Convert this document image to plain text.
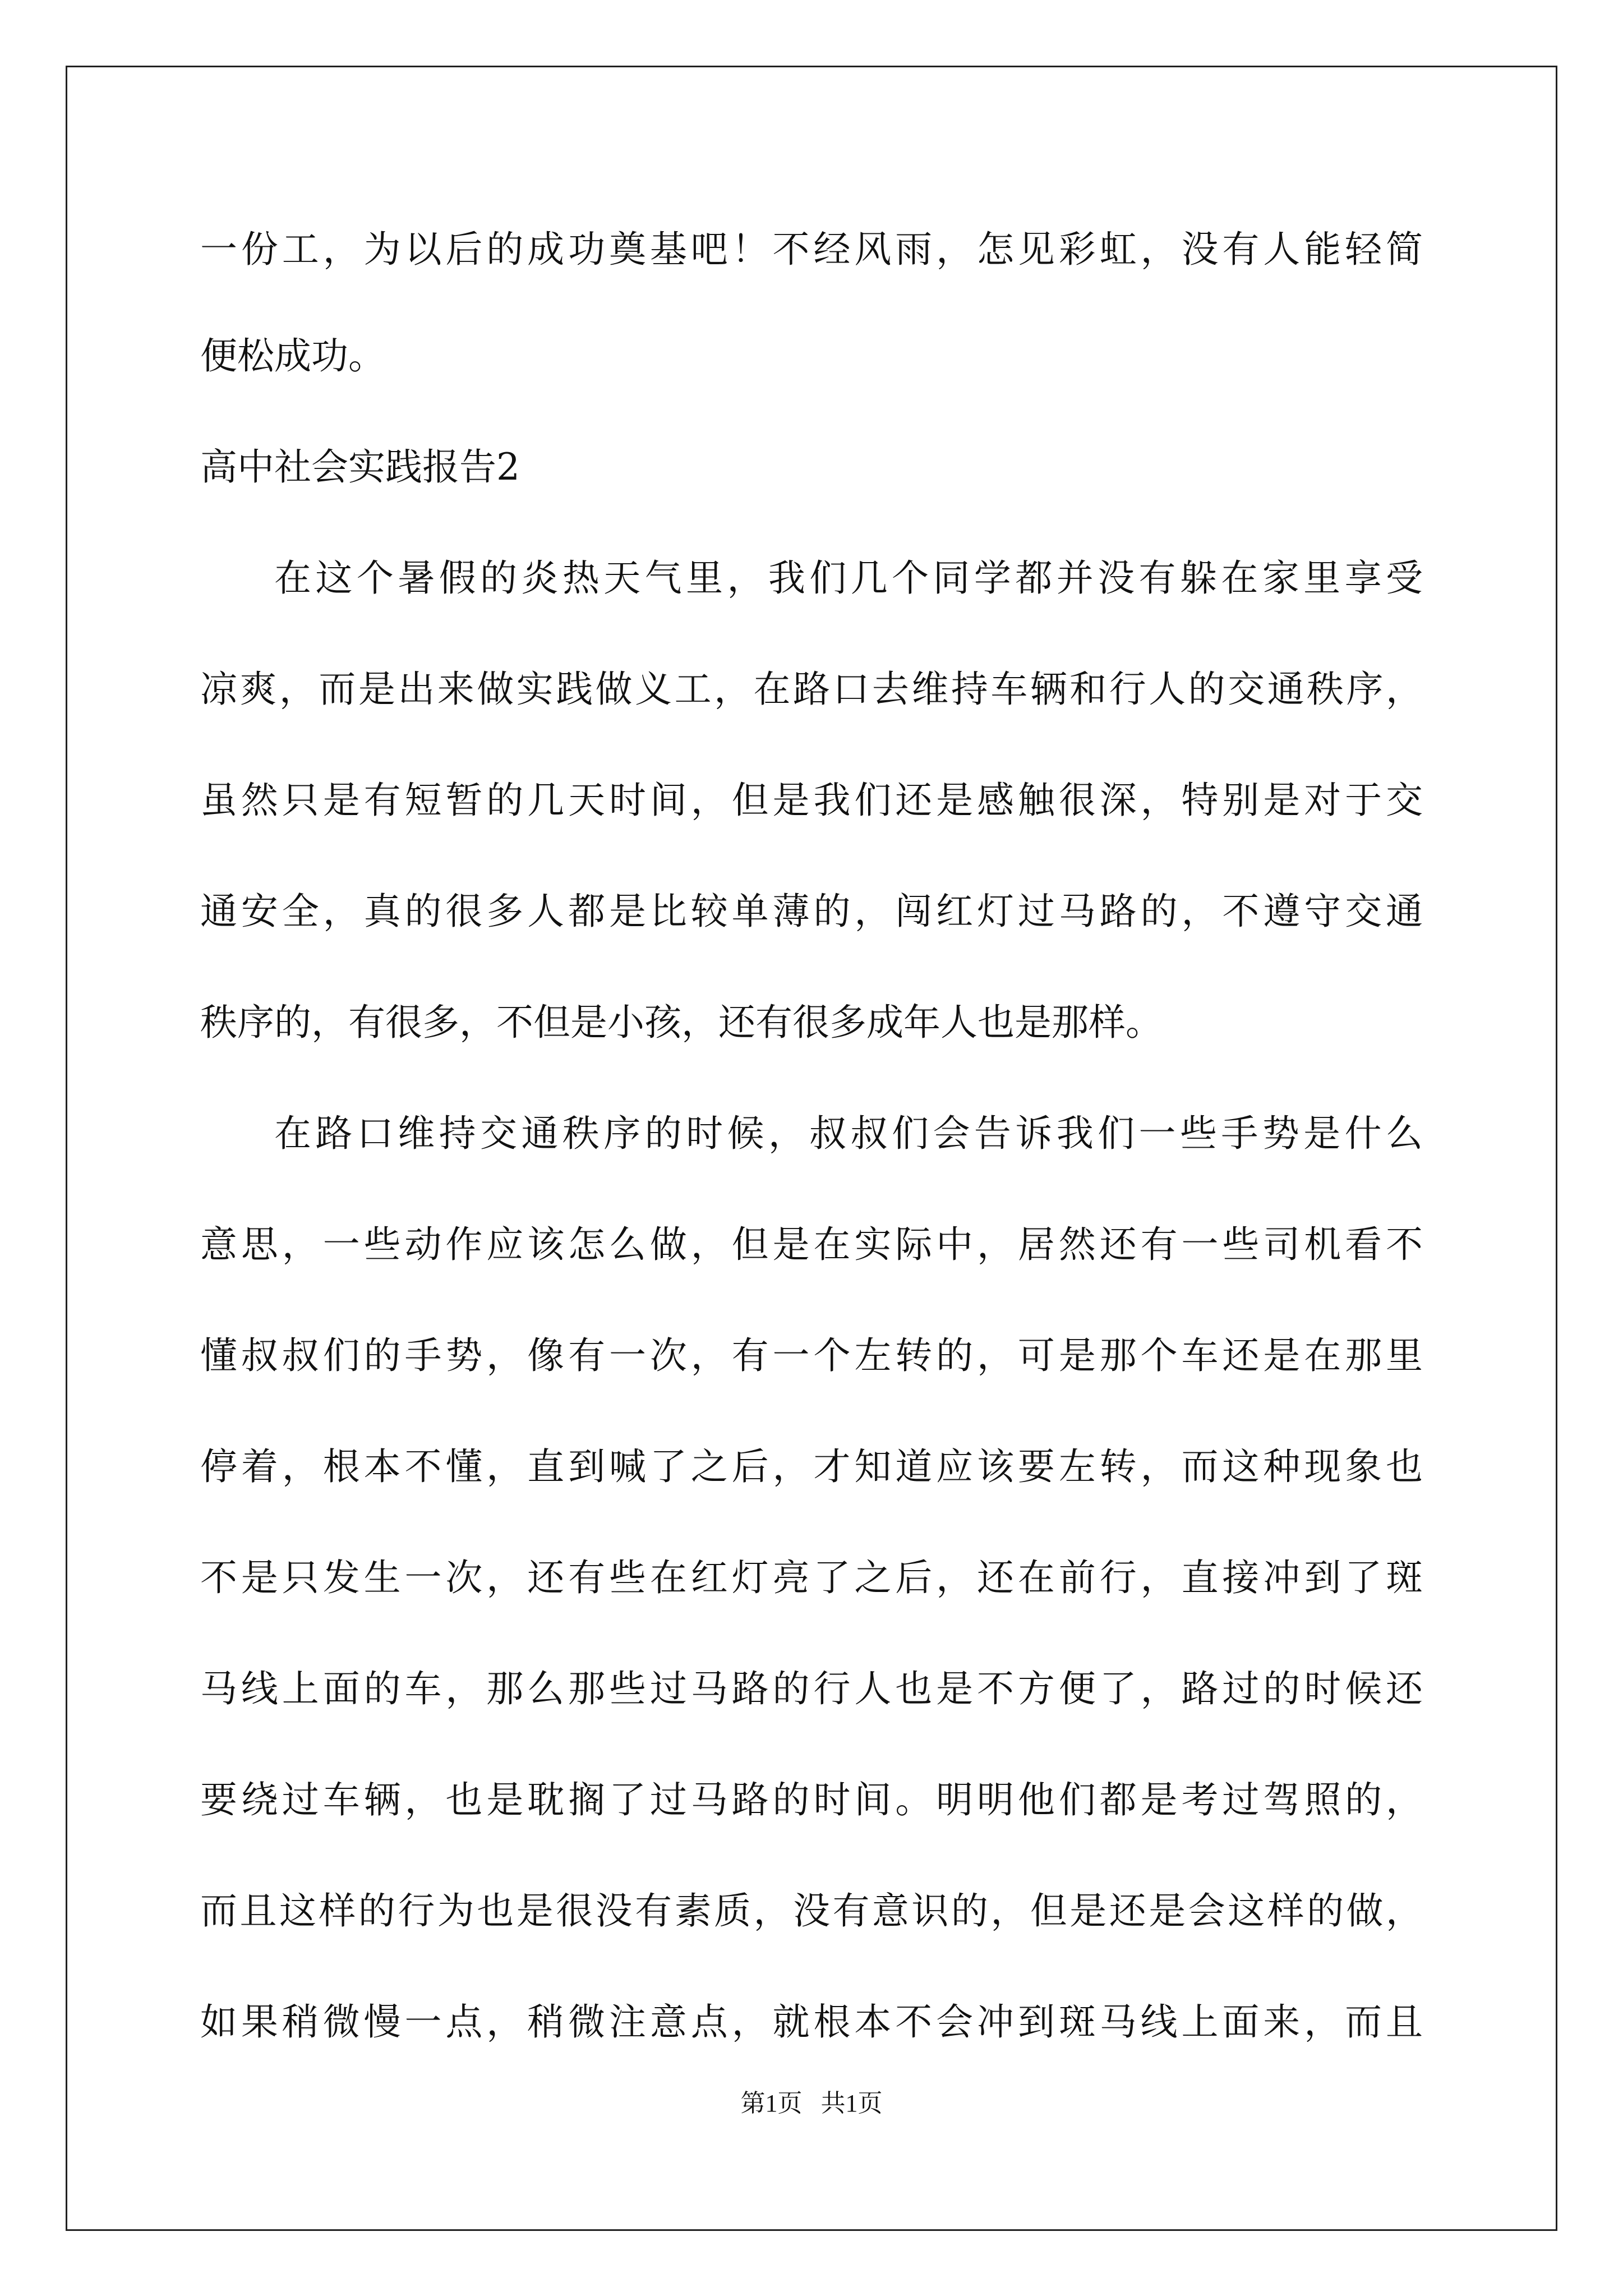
一份工，为以后的成功奠基吧！不经风雨，怎见彩虹，没有人能轻简
便松成功。
高中社会实践报告2
在这个暑假的炎热天气里，我们几个同学都并没有躲在家里享受
凉爽，而是出来做实践做义工，在路口去维持车辆和行人的交通秩序，
虽然只是有短暂的几天时间，但是我们还是感触很深，特别是对于交
通安全，真的很多人都是比较单薄的，闯红灯过马路的，不遵守交通
秩序的，有很多，不但是小孩，还有很多成年人也是那样。
在路口维持交通秩序的时候，叔叔们会告诉我们一些手势是什么
意思，一些动作应该怎么做，但是在实际中，居然还有一些司机看不
懂叔叔们的手势，像有一次，有一个左转的，可是那个车还是在那里
停着，根本不懂，直到喊了之后，才知道应该要左转，而这种现象也
不是只发生一次，还有些在红灯亮了之后，还在前行，直接冲到了斑
马线上面的车，那么那些过马路的行人也是不方便了，路过的时候还
要绕过车辆，也是耽搁了过马路的时间。明明他们都是考过驾照的，
而且这样的行为也是很没有素质，没有意识的，但是还是会这样的做，
如果稍微慢一点，稍微注意点，就根本不会冲到斑马线上面来，而且
第1页   共1页
